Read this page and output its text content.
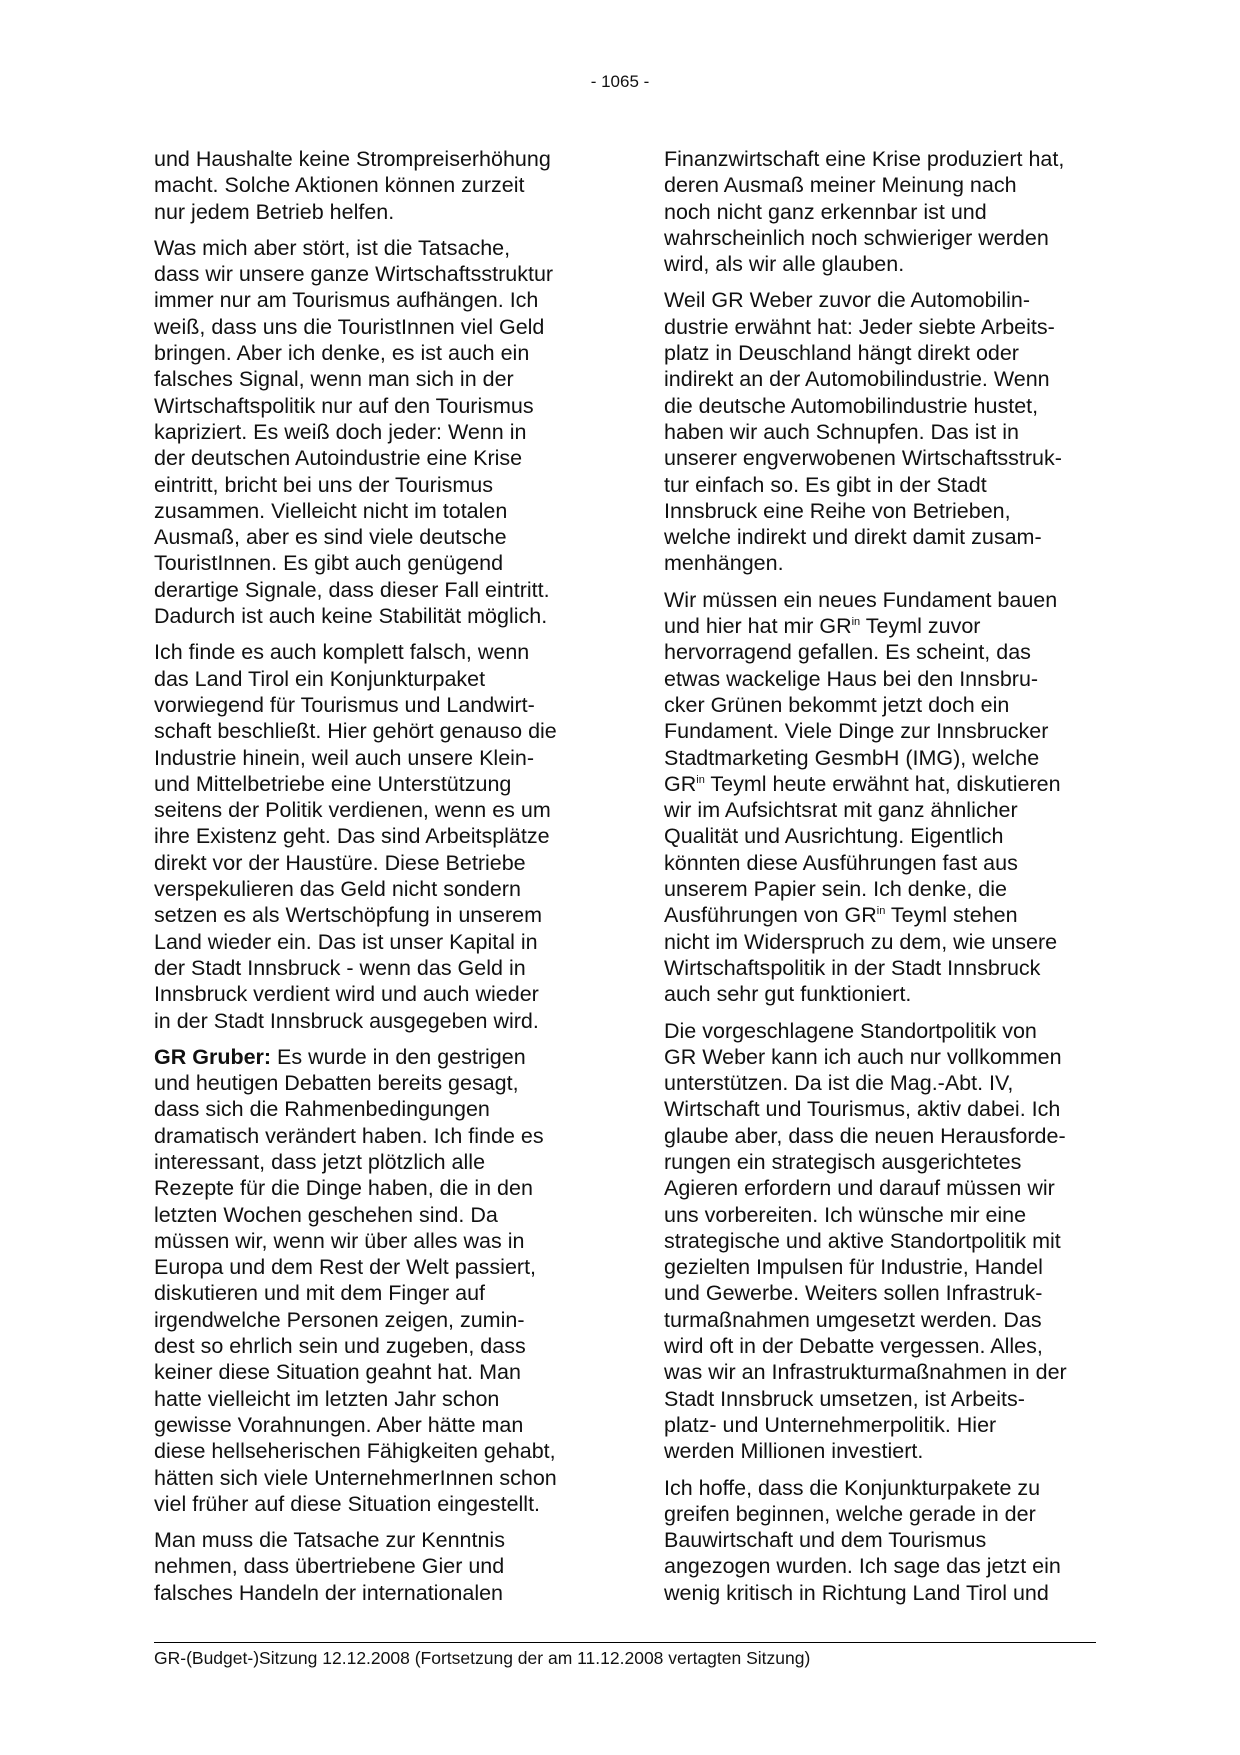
- 1065 -

und Haushalte keine Strompreiserhöhung
macht. Solche Aktionen können zurzeit
nur jedem Betrieb helfen.

Was mich aber stört, ist die Tatsache,
dass wir unsere ganze Wirtschaftsstruktur
immer nur am Tourismus aufhängen. Ich
weiß, dass uns die TouristInnen viel Geld
bringen. Aber ich denke, es ist auch ein
falsches Signal, wenn man sich in der
Wirtschaftspolitik nur auf den Tourismus
kapriziert. Es weiß doch jeder: Wenn in
der deutschen Autoindustrie eine Krise
eintritt, bricht bei uns der Tourismus
zusammen. Vielleicht nicht im totalen
Ausmaß, aber es sind viele deutsche
TouristInnen. Es gibt auch genügend
derartige Signale, dass dieser Fall eintritt.
Dadurch ist auch keine Stabilität möglich.

Ich finde es auch komplett falsch, wenn
das Land Tirol ein Konjunkturpaket
vorwiegend für Tourismus und Landwirt-
schaft beschließt. Hier gehört genauso die
Industrie hinein, weil auch unsere Klein-
und Mittelbetriebe eine Unterstützung
seitens der Politik verdienen, wenn es um
ihre Existenz geht. Das sind Arbeitsplätze
direkt vor der Haustüre. Diese Betriebe
verspekulieren das Geld nicht sondern
setzen es als Wertschöpfung in unserem
Land wieder ein. Das ist unser Kapital in
der Stadt Innsbruck - wenn das Geld in
Innsbruck verdient wird und auch wieder
in der Stadt Innsbruck ausgegeben wird.

GR Gruber: Es wurde in den gestrigen
und heutigen Debatten bereits gesagt,
dass sich die Rahmenbedingungen
dramatisch verändert haben. Ich finde es
interessant, dass jetzt plötzlich alle
Rezepte für die Dinge haben, die in den
letzten Wochen geschehen sind. Da
müssen wir, wenn wir über alles was in
Europa und dem Rest der Welt passiert,
diskutieren und mit dem Finger auf
irgendwelche Personen zeigen, zumin-
dest so ehrlich sein und zugeben, dass
keiner diese Situation geahnt hat. Man
hatte vielleicht im letzten Jahr schon
gewisse Vorahnungen. Aber hätte man
diese hellseherischen Fähigkeiten gehabt,
hätten sich viele UnternehmerInnen schon
viel früher auf diese Situation eingestellt.

Man muss die Tatsache zur Kenntnis
nehmen, dass übertriebene Gier und
falsches Handeln der internationalen

Finanzwirtschaft eine Krise produziert hat,
deren Ausmaß meiner Meinung nach
noch nicht ganz erkennbar ist und
wahrscheinlich noch schwieriger werden
wird, als wir alle glauben.

Weil GR Weber zuvor die Automobilin-
dustrie erwähnt hat: Jeder siebte Arbeits-
platz in Deuschland hängt direkt oder
indirekt an der Automobilindustrie. Wenn
die deutsche Automobilindustrie hustet,
haben wir auch Schnupfen. Das ist in
unserer engverwobenen Wirtschaftsstruk-
tur einfach so. Es gibt in der Stadt
Innsbruck eine Reihe von Betrieben,
welche indirekt und direkt damit zusam-
menhängen.

Wir müssen ein neues Fundament bauen
und hier hat mir $GR^{in}$ Teyml zuvor
hervorragend gefallen. Es scheint, das
etwas wackelige Haus bei den Innsbru-
cker Grünen bekommt jetzt doch ein
Fundament. Viele Dinge zur Innsbrucker
Stadtmarketing GesmbH (IMG), welche
$GR^{in}$ Teyml heute erwähnt hat, diskutieren
wir im Aufsichtsrat mit ganz ähnlicher
Qualität und Ausrichtung. Eigentlich
könnten diese Ausführungen fast aus
unserem Papier sein. Ich denke, die
Ausführungen von $GR^{in}$ Teyml stehen
nicht im Widerspruch zu dem, wie unsere
Wirtschaftspolitik in der Stadt Innsbruck
auch sehr gut funktioniert.

Die vorgeschlagene Standortpolitik von
GR Weber kann ich auch nur vollkommen
unterstützen. Da ist die Mag.-Abt. IV,
Wirtschaft und Tourismus, aktiv dabei. Ich
glaube aber, dass die neuen Herausforde-
rungen ein strategisch ausgerichtetes
Agieren erfordern und darauf müssen wir
uns vorbereiten. Ich wünsche mir eine
strategische und aktive Standortpolitik mit
gezielten Impulsen für Industrie, Handel
und Gewerbe. Weiters sollen Infrastruk-
turmaßnahmen umgesetzt werden. Das
wird oft in der Debatte vergessen. Alles,
was wir an Infrastrukturmaßnahmen in der
Stadt Innsbruck umsetzen, ist Arbeits-
platz- und Unternehmerpolitik. Hier
werden Millionen investiert.

Ich hoffe, dass die Konjunkturpakete zu
greifen beginnen, welche gerade in der
Bauwirtschaft und dem Tourismus
angezogen wurden. Ich sage das jetzt ein
wenig kritisch in Richtung Land Tirol und

GR-(Budget-)Sitzung 12.12.2008 (Fortsetzung der am 11.12.2008 vertagten Sitzung)
